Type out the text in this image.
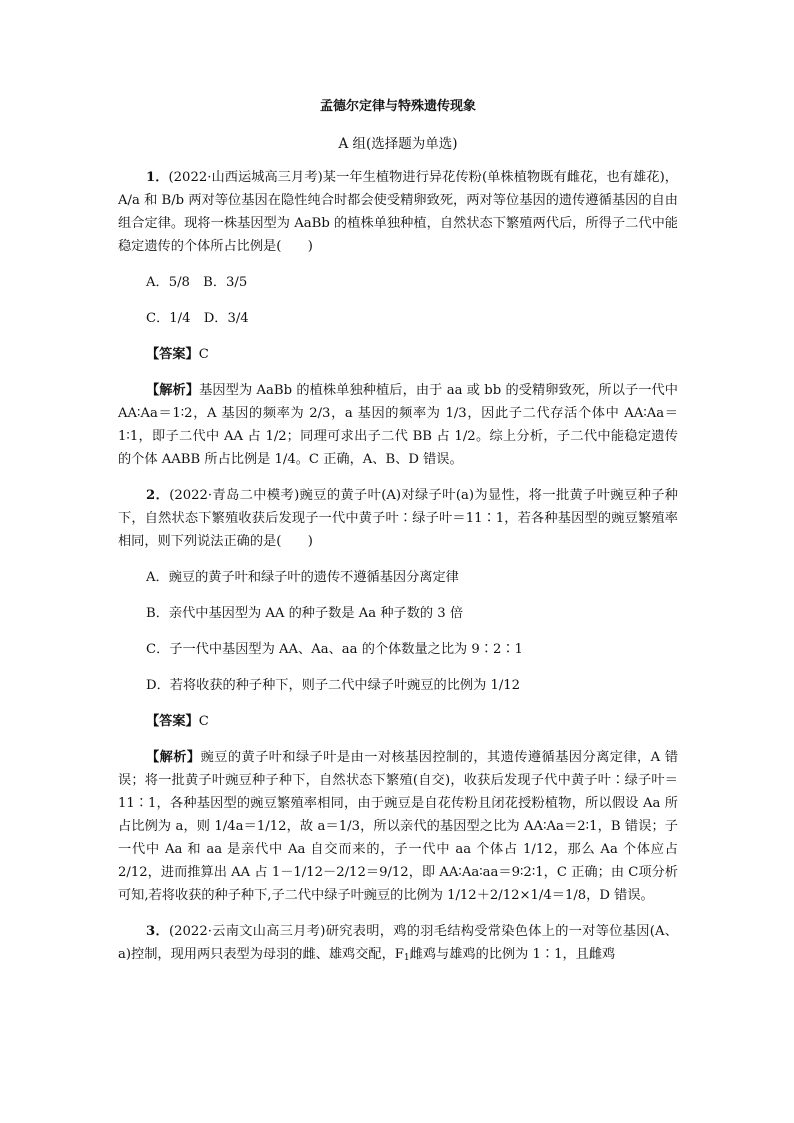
孟德尔定律与特殊遗传现象
A 组(选择题为单选)

1．(2022·山西运城高三月考)某一年生植物进行异花传粉(单株植物既有雌花，也有雄花)，A/a 和 B/b 两对等位基因在隐性纯合时都会使受精卵致死，两对等位基因的遗传遵循基因的自由组合定律。现将一株基因型为 AaBb 的植株单独种植，自然状态下繁殖两代后，所得子二代中能稳定遗传的个体所占比例是(　　)

A．5/8　B．3/5

C．1/4　D．3/4

【答案】C

【解析】基因型为 AaBb 的植株单独种植后，由于 aa 或 bb 的受精卵致死，所以子一代中 AA∶Aa＝1∶2，A 基因的频率为 2/3，a 基因的频率为 1/3，因此子二代存活个体中 AA∶Aa＝1∶1，即子二代中 AA 占 1/2；同理可求出子二代 BB 占 1/2。综上分析，子二代中能稳定遗传的个体 AABB 所占比例是 1/4。C 正确，A、B、D 错误。

2．(2022·青岛二中模考)豌豆的黄子叶(A)对绿子叶(a)为显性，将一批黄子叶豌豆种子种下，自然状态下繁殖收获后发现子一代中黄子叶∶绿子叶＝11∶1，若各种基因型的豌豆繁殖率相同，则下列说法正确的是(　　)

A．豌豆的黄子叶和绿子叶的遗传不遵循基因分离定律

B．亲代中基因型为 AA 的种子数是 Aa 种子数的 3 倍

C．子一代中基因型为 AA、Aa、aa 的个体数量之比为 9∶2∶1

D．若将收获的种子种下，则子二代中绿子叶豌豆的比例为 1/12

【答案】C

【解析】豌豆的黄子叶和绿子叶是由一对核基因控制的，其遗传遵循基因分离定律，A 错误；将一批黄子叶豌豆种子种下，自然状态下繁殖(自交)，收获后发现子代中黄子叶∶绿子叶＝11∶1，各种基因型的豌豆繁殖率相同，由于豌豆是自花传粉且闭花授粉植物，所以假设 Aa 所占比例为 a，则 1/4a＝1/12，故 a＝1/3，所以亲代的基因型之比为 AA∶Aa＝2∶1，B 错误；子一代中 Aa 和 aa 是亲代中 Aa 自交而来的，子一代中 aa 个体占 1/12，那么 Aa 个体应占 2/12，进而推算出 AA 占 1－1/12－2/12＝9/12，即 AA∶Aa∶aa＝9∶2∶1，C 正确；由 C项分析可知,若将收获的种子种下,子二代中绿子叶豌豆的比例为 1/12＋2/12×1/4＝1/8，D 错误。

3．(2022·云南文山高三月考)研究表明，鸡的羽毛结构受常染色体上的一对等位基因(A、a)控制，现用两只表型为母羽的雌、雄鸡交配，$F_1$雌鸡与雄鸡的比例为 1∶1，且雌鸡
